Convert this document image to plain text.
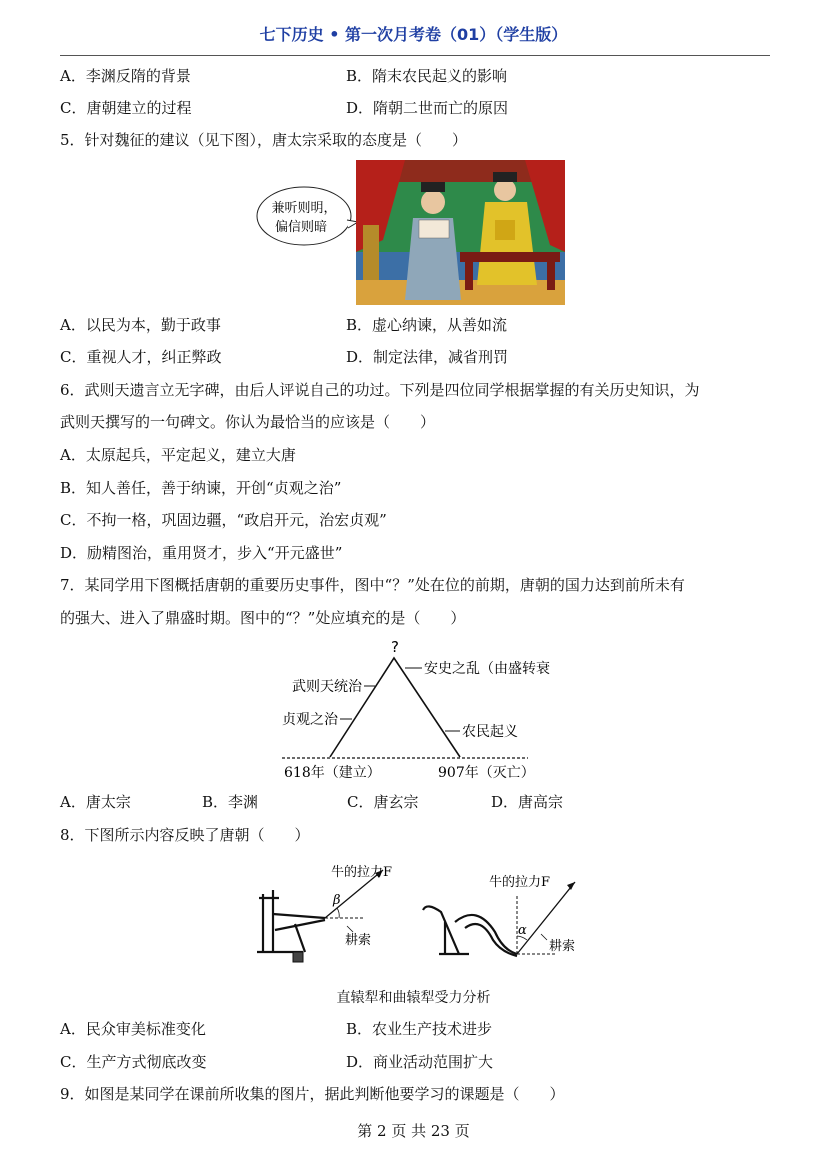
七下历史 • 第一次月考卷（01）（学生版）
A．李渊反隋的背景	B．隋末农民起义的影响
C．唐朝建立的过程	D．隋朝二世而亡的原因
5．针对魏征的建议（见下图），唐太宗采取的态度是（　　）
兼听则明，
偏信则暗
A．以民为本，勤于政事	B．虚心纳谏，从善如流
C．重视人才，纠正弊政	D．制定法律，减省刑罚
6．武则天遗言立无字碑，由后人评说自己的功过。下列是四位同学根据掌握的有关历史知识，为
武则天撰写的一句碑文。你认为最恰当的应该是（　　）
A．太原起兵，平定起义，建立大唐
B．知人善任，善于纳谏，开创“贞观之治”
C．不拘一格，巩固边疆，“政启开元，治宏贞观”
D．励精图治，重用贤才，步入“开元盛世”
7．某同学用下图概括唐朝的重要历史事件，图中“？”处在位的前期，唐朝的国力达到前所未有
的强大、进入了鼎盛时期。图中的“？”处应填充的是（　　）
?
武则天统治
贞观之治
安史之乱（由盛转衰
农民起义
618年（建立）	907年（灭亡）
A．唐太宗	B．李渊	C．唐玄宗	D．唐高宗
8．下图所示内容反映了唐朝（　　）
β
牛的拉力F
耕索
α
牛的拉力F
耕索
直辕犁和曲辕犁受力分析
A．民众审美标准变化	B．农业生产技术进步
C．生产方式彻底改变	D．商业活动范围扩大
9．如图是某同学在课前所收集的图片，据此判断他要学习的课题是（　　）
第 2 页 共 23 页
